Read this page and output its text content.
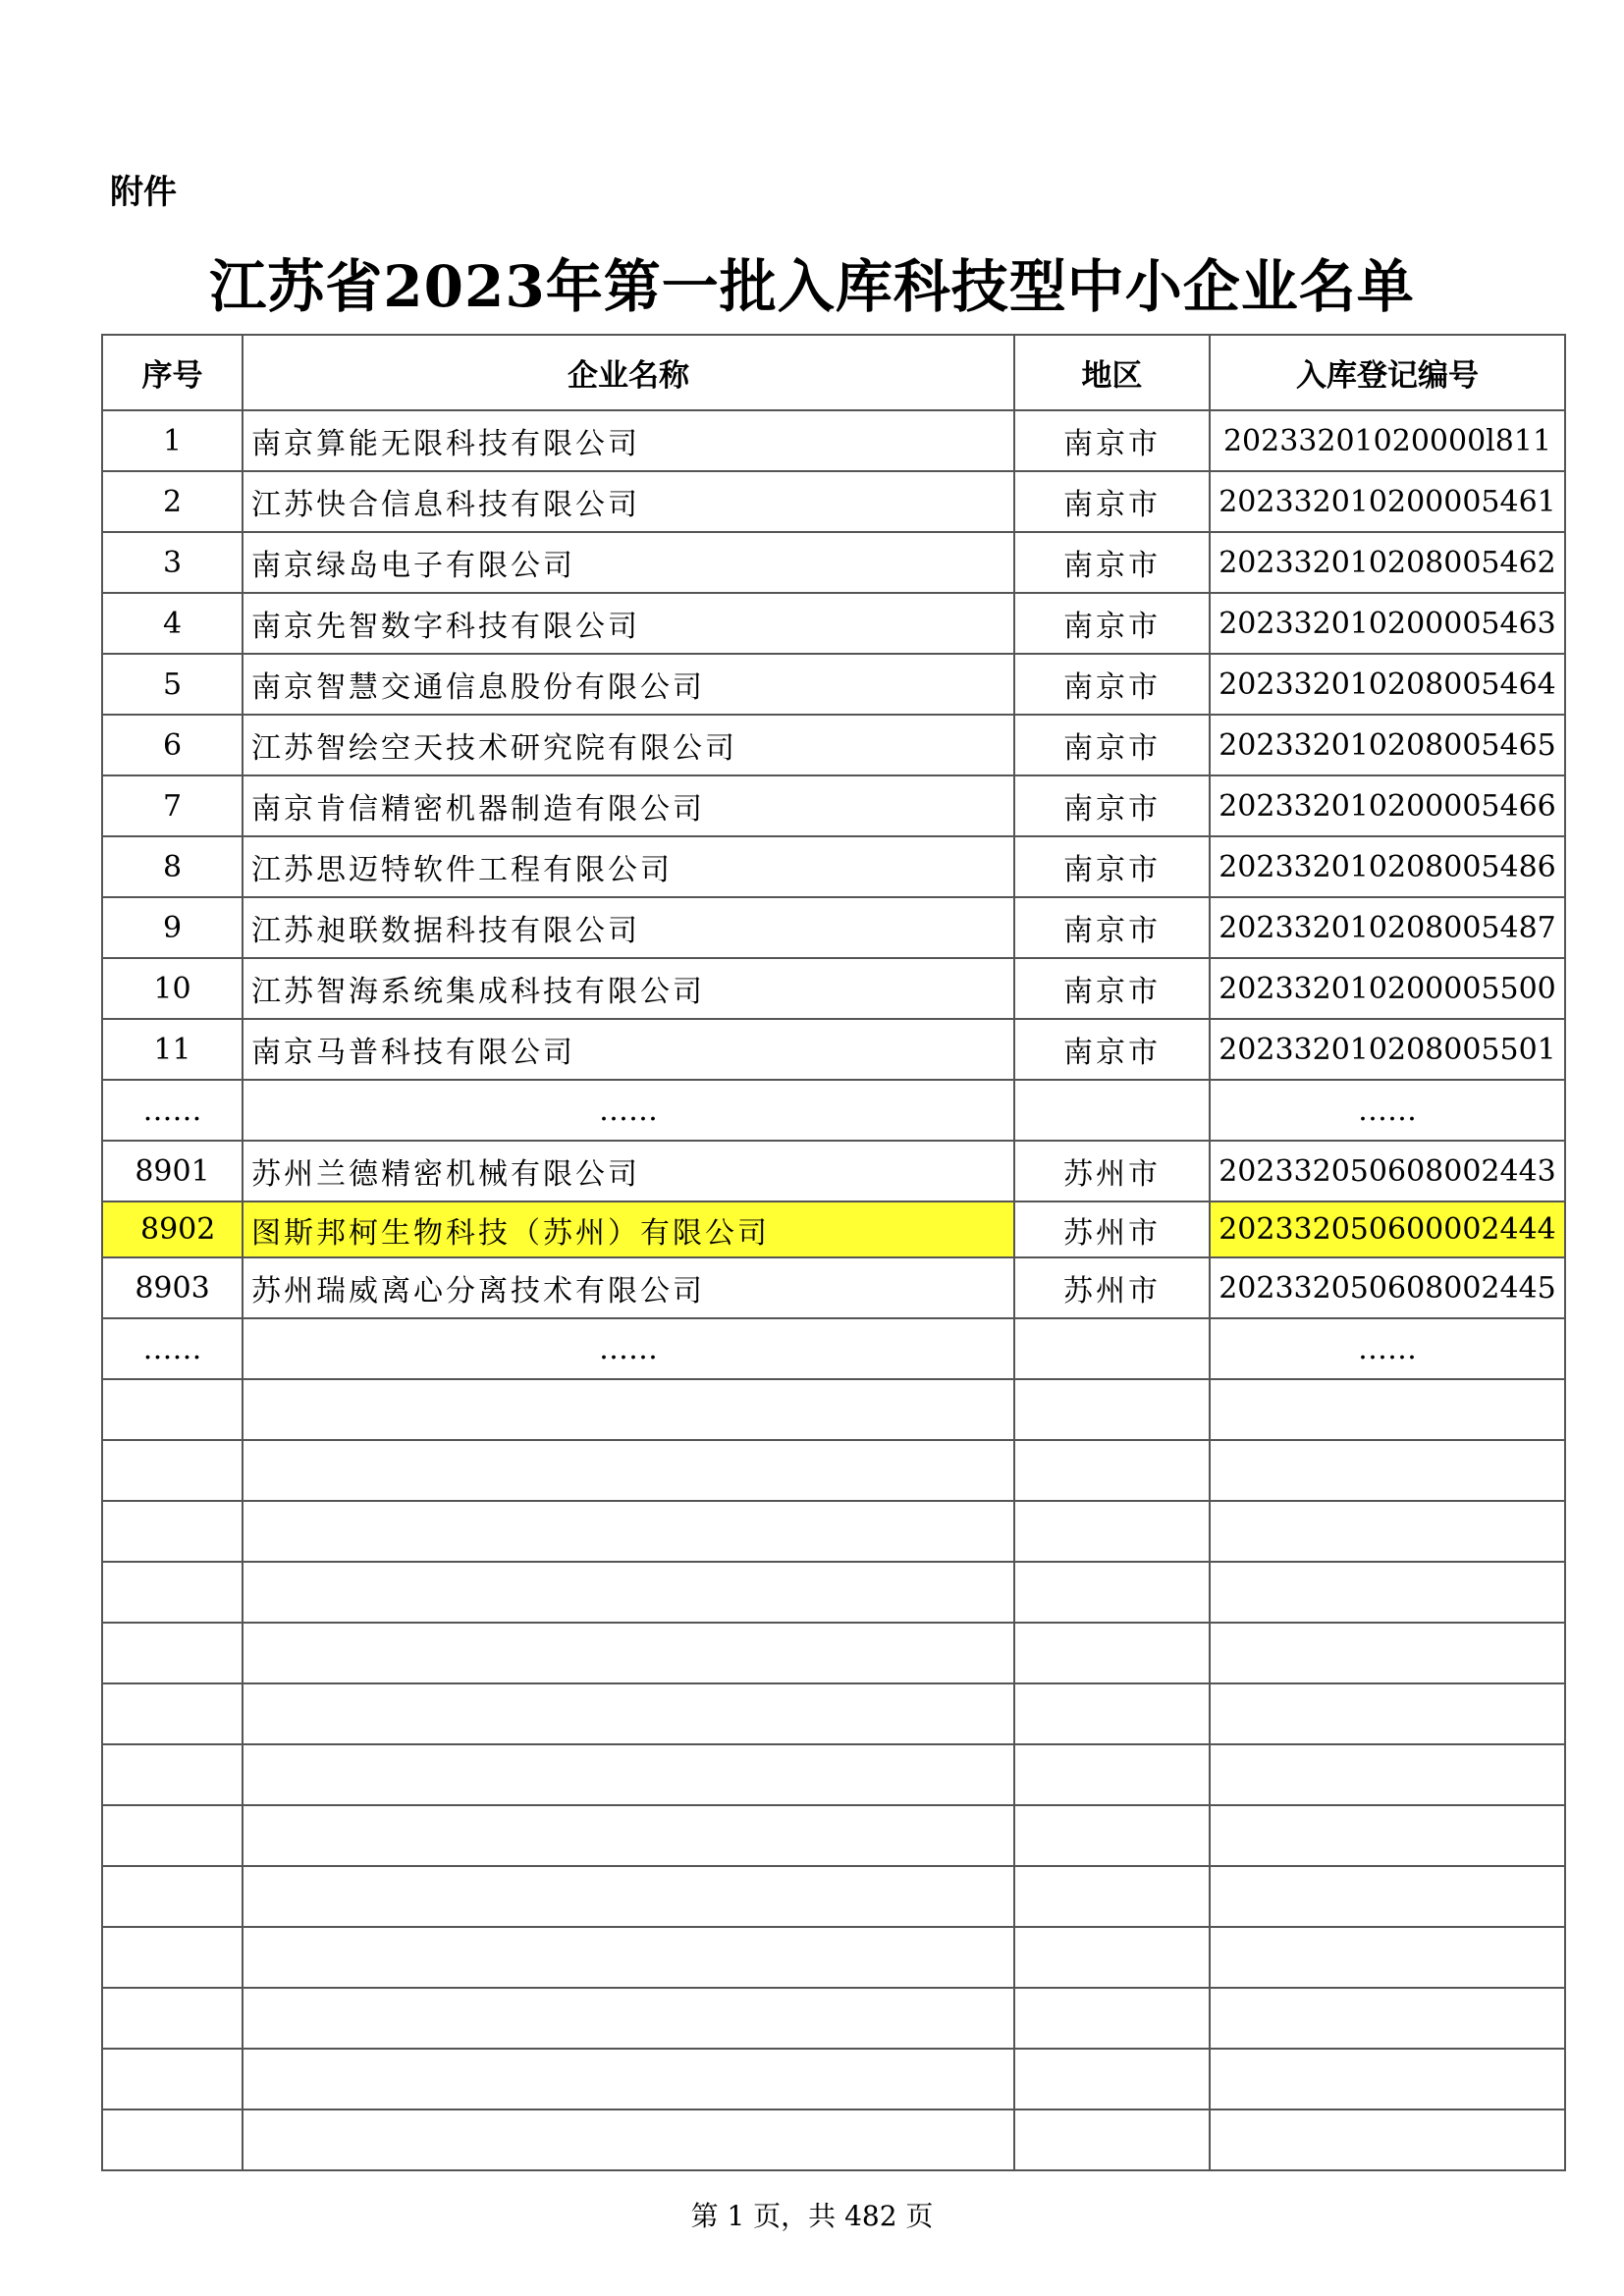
附件
江苏省2023年第一批入库科技型中小企业名单
序号	企业名称	地区	入库登记编号
1	南京算能无限科技有限公司	南京市	20233201020000l811
2	江苏快合信息科技有限公司	南京市	202332010200005461
3	南京绿岛电子有限公司	南京市	202332010208005462
4	南京先智数字科技有限公司	南京市	202332010200005463
5	南京智慧交通信息股份有限公司	南京市	202332010208005464
6	江苏智绘空天技术研究院有限公司	南京市	202332010208005465
7	南京肯信精密机器制造有限公司	南京市	202332010200005466
8	江苏思迈特软件工程有限公司	南京市	202332010208005486
9	江苏昶联数据科技有限公司	南京市	202332010208005487
10	江苏智海系统集成科技有限公司	南京市	202332010200005500
11	南京马普科技有限公司	南京市	202332010208005501
……	……		……
8901	苏州兰德精密机械有限公司	苏州市	202332050608002443
8902	图斯邦柯生物科技（苏州）有限公司	苏州市	202332050600002444
8903	苏州瑞威离心分离技术有限公司	苏州市	202332050608002445
……	……		……

第 1 页，共 482 页
